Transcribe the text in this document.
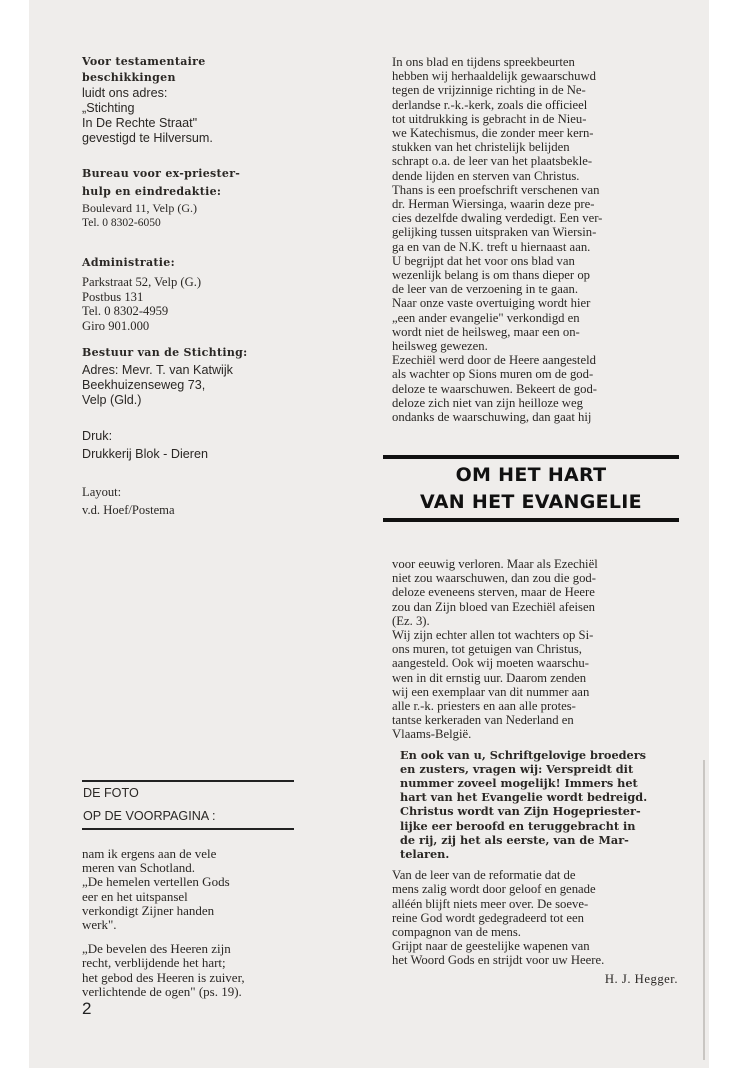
Voor testamentaire
beschikkingen
luidt ons adres:
„Stichting
In De Rechte Straat"
gevestigd te Hilversum.
Bureau voor ex-priester-
hulp en eindredaktie:
Boulevard 11, Velp (G.)
Tel. 0 8302-6050
Administratie:
Parkstraat 52, Velp (G.)
Postbus 131
Tel. 0 8302-4959
Giro 901.000
Bestuur van de Stichting:
Adres: Mevr. T. van Katwijk
Beekhuizenseweg 73,
Velp (Gld.)
Druk:
Drukkerij Blok - Dieren
Layout:
v.d. Hoef/Postema
DE FOTO
OP DE VOORPAGINA :

nam ik ergens aan de vele
meren van Schotland.
„De hemelen vertellen Gods
eer en het uitspansel
verkondigt Zijner handen
werk".

„De bevelen des Heeren zijn
recht, verblijdende het hart;
het gebod des Heeren is zuiver,
verlichtende de ogen" (ps. 19).

2
In ons blad en tijdens spreekbeurten
hebben wij herhaaldelijk gewaarschuwd
tegen de vrijzinnige richting in de Ne-
derlandse r.-k.-kerk, zoals die officieel
tot uitdrukking is gebracht in de Nieu-
we Katechismus, die zonder meer kern-
stukken van het christelijk belijden
schrapt o.a. de leer van het plaatsbekle-
dende lijden en sterven van Christus.
Thans is een proefschrift verschenen van
dr. Herman Wiersinga, waarin deze pre-
cies dezelfde dwaling verdedigt. Een ver-
gelijking tussen uitspraken van Wiersin-
ga en van de N.K. treft u hiernaast aan.
U begrijpt dat het voor ons blad van
wezenlijk belang is om thans dieper op
de leer van de verzoening in te gaan.
Naar onze vaste overtuiging wordt hier
„een ander evangelie" verkondigd en
wordt niet de heilsweg, maar een on-
heilsweg gewezen.
Ezechiël werd door de Heere aangesteld
als wachter op Sions muren om de god-
deloze te waarschuwen. Bekeert de god-
deloze zich niet van zijn heilloze weg
ondanks de waarschuwing, dan gaat hij
OM HET HART
VAN HET EVANGELIE
voor eeuwig verloren. Maar als Ezechiël
niet zou waarschuwen, dan zou die god-
deloze eveneens sterven, maar de Heere
zou dan Zijn bloed van Ezechiël afeisen
(Ez. 3).
Wij zijn echter allen tot wachters op Si-
ons muren, tot getuigen van Christus,
aangesteld. Ook wij moeten waarschu-
wen in dit ernstig uur. Daarom zenden
wij een exemplaar van dit nummer aan
alle r.-k. priesters en aan alle protes-
tantse kerkeraden van Nederland en
Vlaams-België.
En ook van u, Schriftgelovige broeders
en zusters, vragen wij: Verspreidt dit
nummer zoveel mogelijk! Immers het
hart van het Evangelie wordt bedreigd.
Christus wordt van Zijn Hogepriester-
lijke eer beroofd en teruggebracht in
de rij, zij het als eerste, van de Mar-
telaren.
Van de leer van de reformatie dat de
mens zalig wordt door geloof en genade
alléén blijft niets meer over. De soeve-
reine God wordt gedegradeerd tot een
compagnon van de mens.
Grijpt naar de geestelijke wapenen van
het Woord Gods en strijdt voor uw Heere.

H. J. Hegger.
